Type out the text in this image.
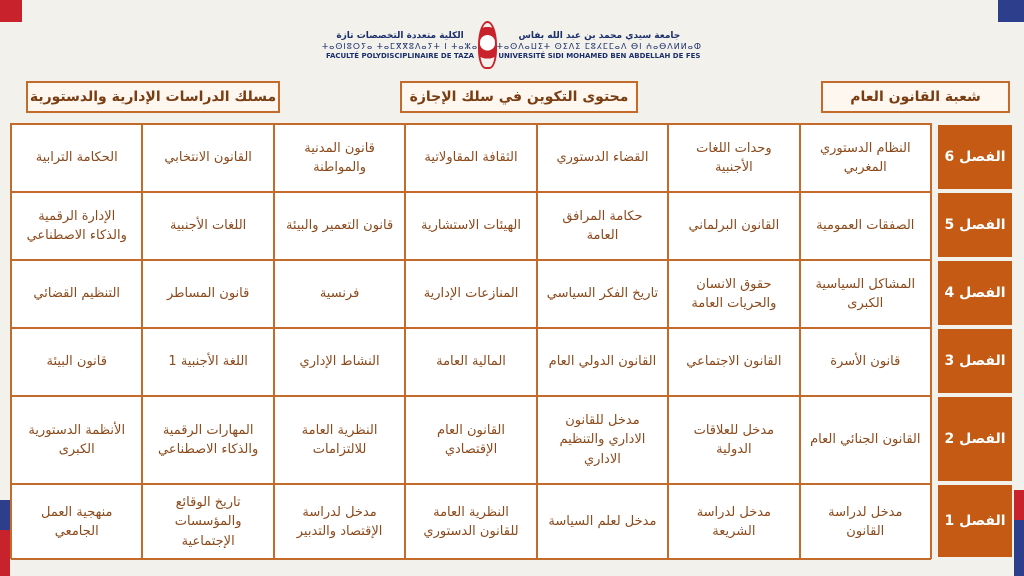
الكلية متعددة التخصصات تازة
ⵜⴰⵙⵏⵓⵔⵢⴰ ⵜⴰⵎⴳⴳⵓⴷⴰⵢⵜ ⵏ ⵜⴰⵣⴰ
FACULTÉ POLYDISCIPLINAIRE DE TAZA
جامعة سيدي محمد بن عبد الله بفاس
ⵜⴰⵙⴷⴰⵡⵉⵜ ⵙⵉⴷⵉ ⵎⵓⵃⵎⵎⴰⴷ ⴱⵏ ⵄⴰⴱⴷⵍⵍⴰⵀ
UNIVERSITÉ SIDI MOHAMED BEN ABDELLAH DE FES
مسلك الدراسات الإدارية والدستورية	محتوى التكوين في سلك الإجازة	شعبة القانون العام
النظام الدستوري المغربي
وحدات اللغات الأجنبية
القضاء الدستوري
الثقافة المقاولاتية
قانون المدنية والمواطنة
القانون الانتخابي
الحكامة الترابية
الصفقات العمومية
القانون البرلماني
حكامة المرافق العامة
الهيئات الاستشارية
قانون التعمير والبيئة
اللغات الأجنبية
الإدارة الرقمية والذكاء الاصطناعي
المشاكل السياسية الكبرى
حقوق الانسان والحريات العامة
تاريخ الفكر السياسي
المنازعات الإدارية
فرنسية
قانون المساطر
التنظيم القضائي
قانون الأسرة
القانون الاجتماعي
القانون الدولي العام
المالية العامة
النشاط الإداري
اللغة الأجنبية 1
قانون البيئة
القانون الجنائي العام
مدخل للعلاقات الدولية
مدخل للقانون الاداري والتنظيم الاداري
القانون العام الإقتصادي
النظرية العامة للالتزامات
المهارات الرقمية والذكاء الاصطناعي
الأنظمة الدستورية الكبرى
مدخل لدراسة القانون
مدخل لدراسة الشريعة
مدخل لعلم السياسة
النظرية العامة للقانون الدستوري
مدخل لدراسة الإقتصاد والتدبير
تاريخ الوقائع والمؤسسات الإجتماعية
منهجية العمل الجامعي
الفصل 6
الفصل 5
الفصل 4
الفصل 3
الفصل 2
الفصل 1
